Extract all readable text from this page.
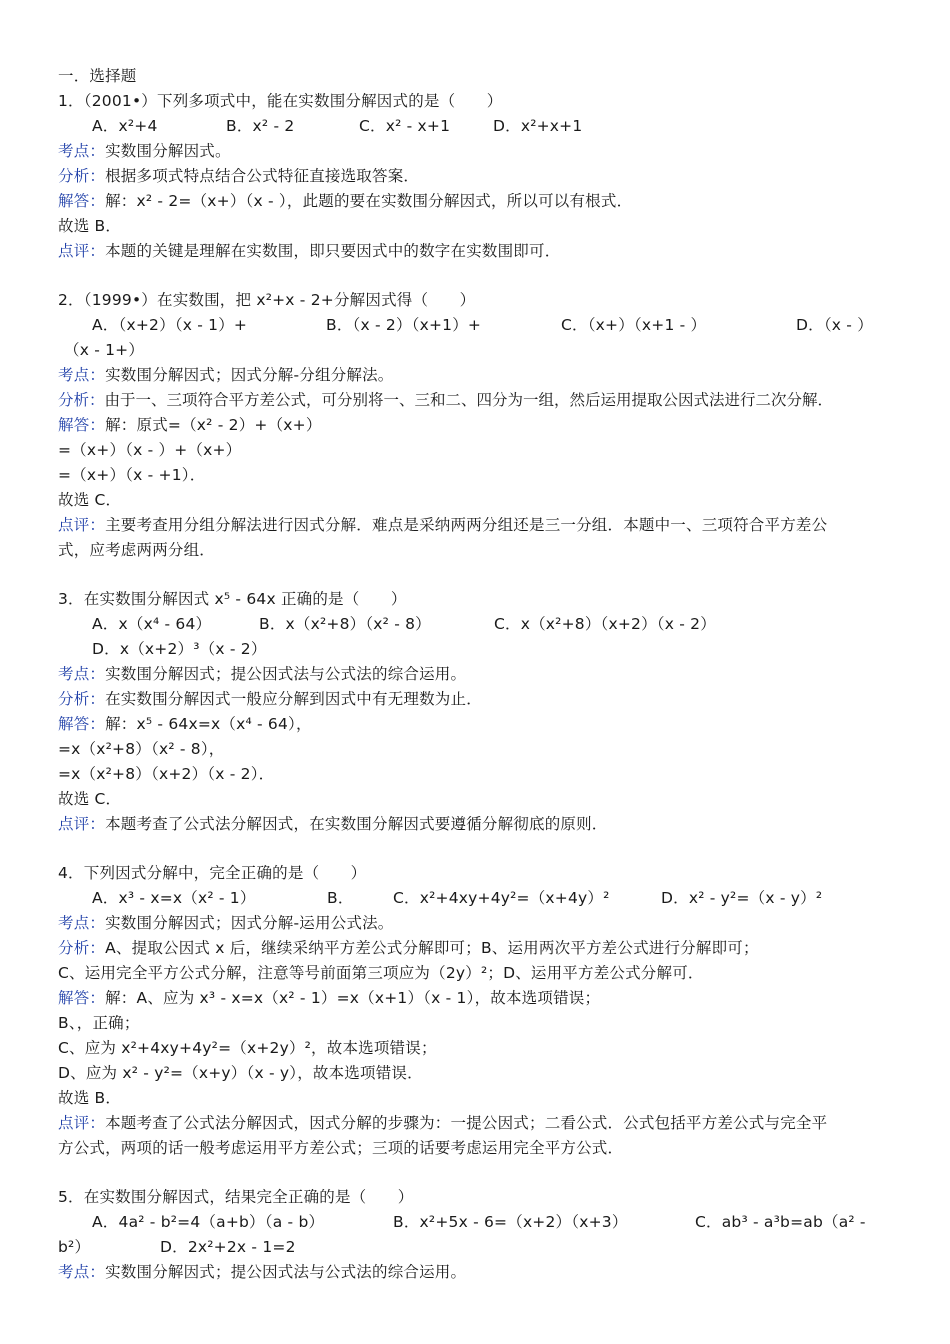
一．选择题
1．（2001•）下列多项式中，能在实数围分解因式的是（　　）
A．x²+4	B．x² - 2	C．x² - x+1	D．x²+x+1
考点：实数围分解因式。
分析：根据多项式特点结合公式特征直接选取答案．
解答：解：x² - 2=（x+）（x - ），此题的要在实数围分解因式，所以可以有根式．
故选 B．
点评：本题的关键是理解在实数围，即只要因式中的数字在实数围即可．
2．（1999•）在实数围，把 x²+x - 2+分解因式得（　　）
A．（x+2）（x - 1）+	B．（x - 2）（x+1）+	C．（x+）（x+1 - ）	D．（x - ）
（x - 1+）
考点：实数围分解因式；因式分解-分组分解法。
分析：由于一、三项符合平方差公式，可分别将一、三和二、四分为一组，然后运用提取公因式法进行二次分解．
解答：解：原式=（x² - 2）+（x+）
=（x+）（x - ）+（x+）
=（x+）（x - +1）．
故选 C．
点评：主要考查用分组分解法进行因式分解．难点是采纳两两分组还是三一分组．本题中一、三项符合平方差公
式，应考虑两两分组．
3．在实数围分解因式 x⁵ - 64x 正确的是（　　）
A．x（x⁴ - 64）	B．x（x²+8）（x² - 8）	C．x（x²+8）（x+2）（x - 2）
D．x（x+2）³（x - 2）
考点：实数围分解因式；提公因式法与公式法的综合运用。
分析：在实数围分解因式一般应分解到因式中有无理数为止．
解答：解：x⁵ - 64x=x（x⁴ - 64），
=x（x²+8）（x² - 8），
=x（x²+8）（x+2）（x - 2）．
故选 C．
点评：本题考查了公式法分解因式，在实数围分解因式要遵循分解彻底的原则．
4．下列因式分解中，完全正确的是（　　）
A．x³ - x=x（x² - 1）	B．	C．x²+4xy+4y²=（x+4y）²	D．x² - y²=（x - y）²
考点：实数围分解因式；因式分解-运用公式法。
分析：A、提取公因式 x 后，继续采纳平方差公式分解即可；B、运用两次平方差公式进行分解即可；
C、运用完全平方公式分解，注意等号前面第三项应为（2y）²；D、运用平方差公式分解可．
解答：解：A、应为 x³ - x=x（x² - 1）=x（x+1）（x - 1），故本选项错误；
B、，正确；
C、应为 x²+4xy+4y²=（x+2y）²，故本选项错误；
D、应为 x² - y²=（x+y）（x - y），故本选项错误．
故选 B．
点评：本题考查了公式法分解因式，因式分解的步骤为：一提公因式；二看公式．公式包括平方差公式与完全平
方公式，两项的话一般考虑运用平方差公式；三项的话要考虑运用完全平方公式．
5．在实数围分解因式，结果完全正确的是（　　）
A．4a² - b²=4（a+b）（a - b）	B．x²+5x - 6=（x+2）（x+3）	C．ab³ - a³b=ab（a² -
b²）	D．2x²+2x - 1=2
考点：实数围分解因式；提公因式法与公式法的综合运用。
